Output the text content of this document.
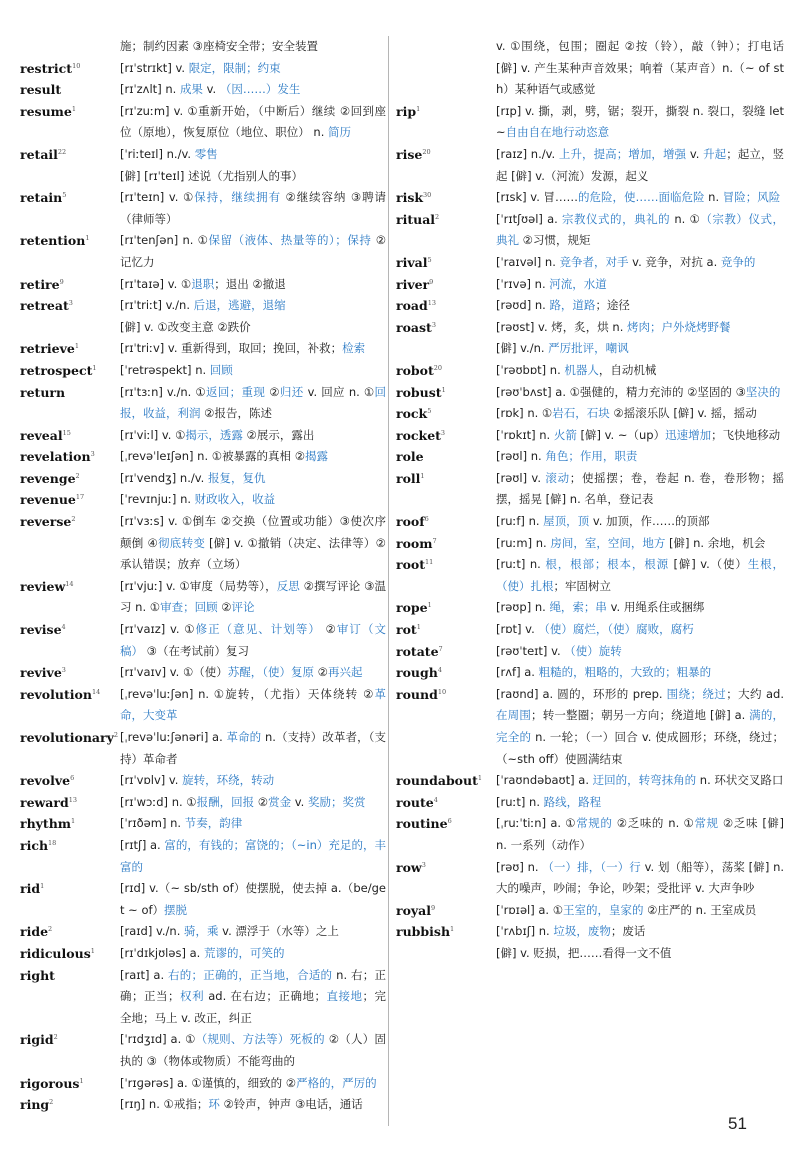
施；制约因素 ③座椅安全带；安全装置
restrict$^{10}$	[rɪˈstrɪkt] v. 限定，限制；约束
result	[rɪˈzʌlt] n. 成果 v. （因……）发生
resume$^1$	[rɪˈzuːm] v. ①重新开始，（中断后）继续 ②回到座位（原地），恢复原位（地位、职位） n. 简历
retail$^{22}$	[ˈriːteɪl] n./v. 零售
[僻] [rɪˈteɪl] 述说（尤指别人的事）
retain$^5$	[rɪˈteɪn] v. ①保持，继续拥有 ②继续容纳 ③聘请（律师等）
retention$^1$	[rɪˈtenʃən] n. ①保留（液体、热量等的）；保持 ②记忆力
retire$^9$	[rɪˈtaɪə] v. ①退职；退出 ②撤退
retreat$^3$	[rɪˈtriːt] v./n. 后退，逃避，退缩
[僻] v. ①改变主意 ②跌价
retrieve$^1$	[rɪˈtriːv] v. 重新得到，取回；挽回，补救；检索
retrospect$^1$	[ˈretrəspekt] n. 回顾
return	[rɪˈtɜːn] v./n. ①返回；重现 ②归还 v. 回应 n. ①回报，收益，利润 ②报告，陈述
reveal$^{15}$	[rɪˈviːl] v. ①揭示，透露 ②展示，露出
revelation$^3$	[ˌrevəˈleɪʃən] n. ①被暴露的真相 ②揭露
revenge$^2$	[rɪˈvendʒ] n./v. 报复，复仇
revenue$^{17}$	[ˈrevɪnjuː] n. 财政收入，收益
reverse$^2$	[rɪˈvɜːs] v. ①倒车 ②交换（位置或功能）③使次序颠倒 ④彻底转变 [僻] v. ①撤销（决定、法律等）②承认错误；放弃（立场）
review$^{14}$	[rɪˈvjuː] v. ①审度（局势等），反思 ②撰写评论 ③温习 n. ①审查；回顾 ②评论
revise$^4$	[rɪˈvaɪz] v. ①修正（意见、计划等） ②审订（文稿） ③（在考试前）复习
revive$^3$	[rɪˈvaɪv] v. ①（使）苏醒，（使）复原 ②再兴起
revolution$^{14}$	[ˌrevəˈluːʃən] n. ①旋转，（尤指）天体绕转 ②革命，大变革
revolutionary$^2$ [ˌrevəˈluːʃənəri] a. 革命的 n.（支持）改革者，（支持）革命者
revolve$^6$	[rɪˈvɒlv] v. 旋转，环绕，转动
reward$^{13}$	[rɪˈwɔːd] n. ①报酬，回报 ②赏金 v. 奖励；奖赏
rhythm$^1$	[ˈrɪðəm] n. 节奏，韵律
rich$^{18}$	[rɪtʃ] a. 富的，有钱的；富饶的；（~in）充足的，丰富的
rid$^1$	[rɪd] v.（~ sb/sth of）使摆脱，使去掉 a.（be/get ~ of）摆脱
ride$^2$	[raɪd] v./n. 骑，乘 v. 漂浮于（水等）之上
ridiculous$^1$	[rɪˈdɪkjʊləs] a. 荒谬的，可笑的
right	[raɪt] a. 右的；正确的，正当地，合适的 n. 右；正确；正当；权利 ad. 在右边；正确地；直接地；完全地；马上 v. 改正，纠正
rigid$^2$	[ˈrɪdʒɪd] a. ①（规则、方法等）死板的 ②（人）固执的 ③（物体或物质）不能弯曲的
rigorous$^1$	[ˈrɪɡərəs] a. ①谨慎的，细致的 ②严格的，严厉的
ring$^2$	[rɪŋ] n. ①戒指；环 ②铃声，钟声 ③电话，通话
v. ①围绕，包围；圈起 ②按（铃），敲（钟）；打电话 [僻] v. 产生某种声音效果；响着（某声音）n.（~ of sth）某种语气或感觉
rip$^1$	[rɪp] v. 撕，剥，劈，锯；裂开，撕裂 n. 裂口，裂缝 let~自由自在地行动恣意
rise$^{20}$	[raɪz] n./v. 上升，提高；增加，增强 v. 升起；起立，竖起 [僻] v.（河流）发源，起义
risk$^{30}$	[rɪsk] v. 冒……的危险，使……面临危险 n. 冒险；风险
ritual$^2$	[ˈrɪtʃʊəl] a. 宗教仪式的，典礼的 n. ①（宗教）仪式，典礼 ②习惯，规矩
rival$^5$	[ˈraɪvəl] n. 竞争者，对手 v. 竞争，对抗 a. 竞争的
river$^9$	[ˈrɪvə] n. 河流，水道
road$^{13}$	[rəʊd] n. 路，道路；途径
roast$^3$	[rəʊst] v. 烤，炙，烘 n. 烤肉；户外烧烤野餐
[僻] v./n. 严厉批评，嘲讽
robot$^{20}$	[ˈrəʊbɒt] n. 机器人，自动机械
robust$^1$	[rəʊˈbʌst] a. ①强健的，精力充沛的 ②坚固的 ③坚决的
rock$^5$	[rɒk] n. ①岩石，石块 ②摇滚乐队 [僻] v. 摇，摇动
rocket$^3$	[ˈrɒkɪt] n. 火箭 [僻] v. ~（up）迅速增加；飞快地移动
role	[rəʊl] n. 角色；作用，职责
roll$^1$	[rəʊl] v. 滚动；使摇摆；卷，卷起 n. 卷，卷形物；摇摆，摇晃 [僻] n. 名单，登记表
roof$^6$	[ruːf] n. 屋顶，顶 v. 加顶，作……的顶部
room$^7$	[ruːm] n. 房间，室，空间，地方 [僻] n. 余地，机会
root$^{11}$	[ruːt] n. 根，根部；根本，根源 [僻] v.（使）生根，（使）扎根；牢固树立
rope$^1$	[rəʊp] n. 绳，索；串 v. 用绳系住或捆绑
rot$^1$	[rɒt] v. （使）腐烂，（使）腐败，腐朽
rotate$^7$	[rəʊˈteɪt] v. （使）旋转
rough$^4$	[rʌf] a. 粗糙的，粗略的，大致的；粗暴的
round$^{10}$	[raʊnd] a. 圆的，环形的 prep. 围绕；绕过；大约 ad. 在周围；转一整圈；朝另一方向；绕道地 [僻] a. 满的，完全的 n. 一轮；（一）回合 v. 使成圆形；环绕，绕过；（~sth off）使圆满结束
roundabout$^1$	[ˈraʊndəbaʊt] a. 迂回的，转弯抹角的 n. 环状交叉路口
route$^4$	[ruːt] n. 路线，路程
routine$^6$	[ˌruːˈtiːn] a. ①常规的 ②乏味的 n. ①常规 ②乏味 [僻] n. 一系列（动作）
row$^3$	[rəʊ] n. （一）排，（一）行 v. 划（船等），荡桨 [僻] n. 大的噪声，吵闹；争论，吵架；受批评 v. 大声争吵
royal$^9$	[ˈrɒɪəl] a. ①王室的，皇家的 ②庄严的 n. 王室成员
rubbish$^1$	[ˈrʌbɪʃ] n. 垃圾，废物；废话
[僻] v. 贬损，把……看得一文不值
51
